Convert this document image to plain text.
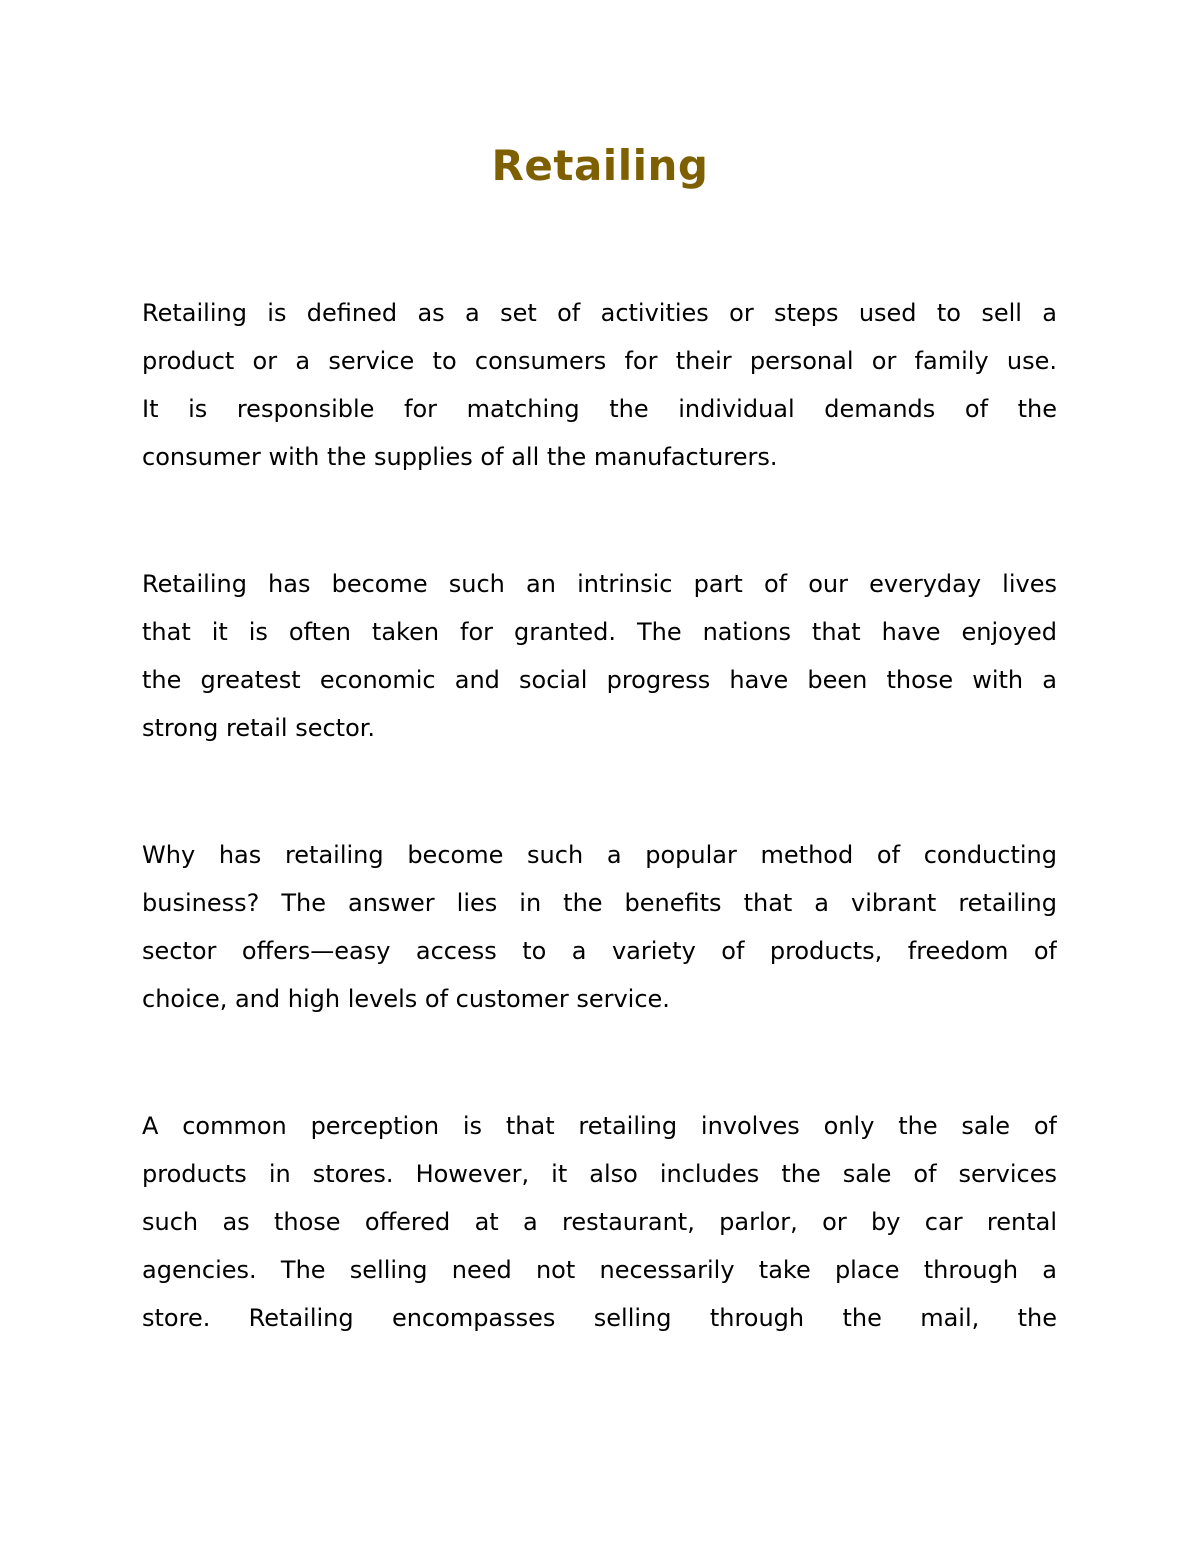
Retailing
Retailing is defined as a set of activities or steps used to sell a
product or a service to consumers for their personal or family use.
It is responsible for matching the individual demands of the
consumer with the supplies of all the manufacturers.
Retailing has become such an intrinsic part of our everyday lives
that it is often taken for granted. The nations that have enjoyed
the greatest economic and social progress have been those with a
strong retail sector.
Why has retailing become such a popular method of conducting
business? The answer lies in the benefits that a vibrant retailing
sector offers—easy access to a variety of products, freedom of
choice, and high levels of customer service.
A common perception is that retailing involves only the sale of
products in stores. However, it also includes the sale of services
such as those offered at a restaurant, parlor, or by car rental
agencies. The selling need not necessarily take place through a
store. Retailing encompasses selling through the mail, the
